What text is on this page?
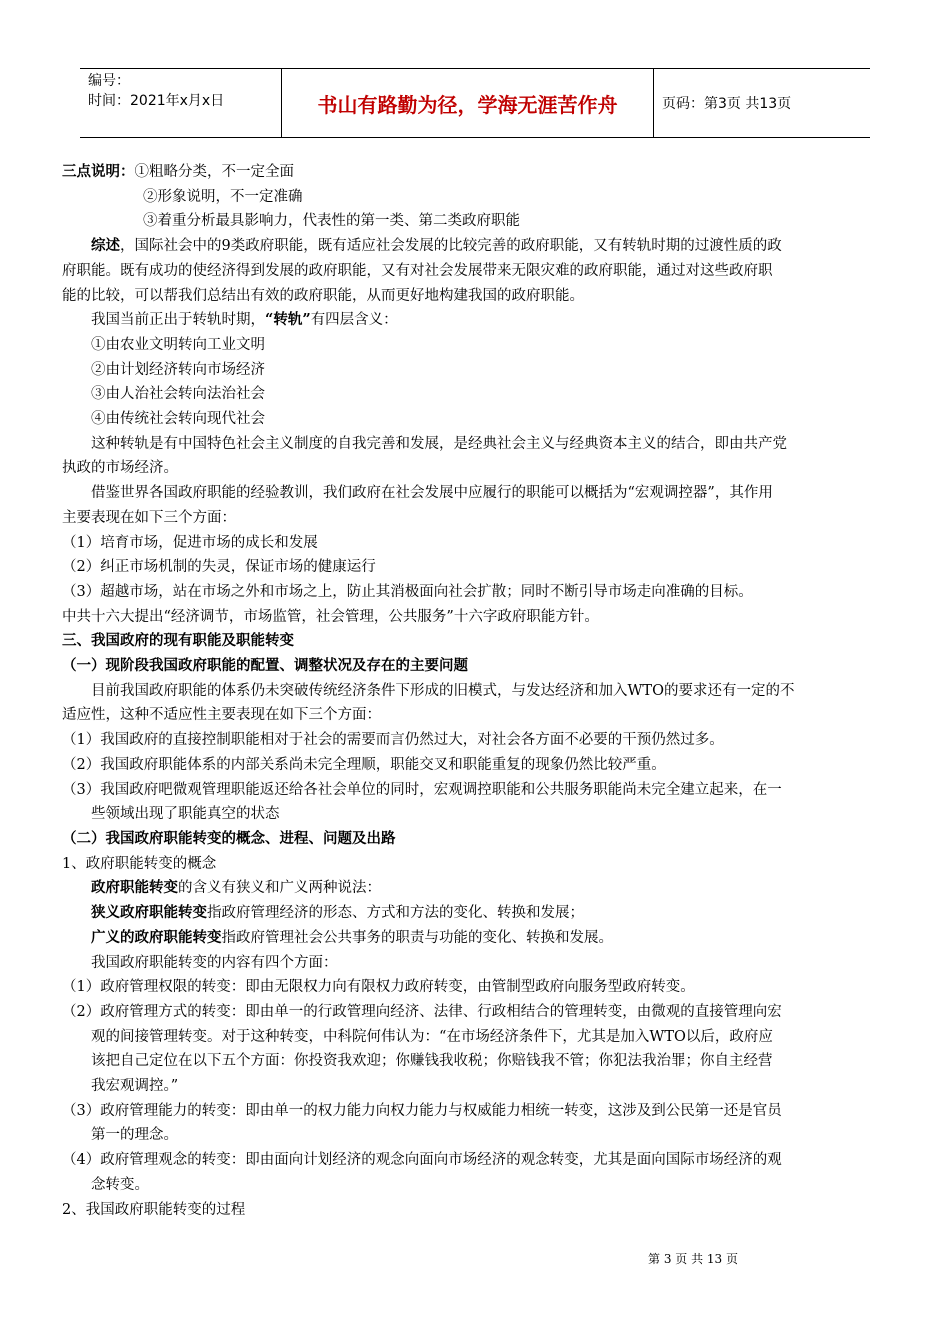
编号：
时间：2021年x月x日	书山有路勤为径，学海无涯苦作舟	页码：第3页 共13页
三点说明：①粗略分类，不一定全面
②形象说明，不一定准确
③着重分析最具影响力，代表性的第一类、第二类政府职能
综述，国际社会中的9类政府职能，既有适应社会发展的比较完善的政府职能，又有转轨时期的过渡性质的政
府职能。既有成功的使经济得到发展的政府职能，又有对社会发展带来无限灾难的政府职能，通过对这些政府职
能的比较，可以帮我们总结出有效的政府职能，从而更好地构建我国的政府职能。
我国当前正出于转轨时期，“转轨”有四层含义：
①由农业文明转向工业文明
②由计划经济转向市场经济
③由人治社会转向法治社会
④由传统社会转向现代社会
这种转轨是有中国特色社会主义制度的自我完善和发展，是经典社会主义与经典资本主义的结合，即由共产党
执政的市场经济。
借鉴世界各国政府职能的经验教训，我们政府在社会发展中应履行的职能可以概括为“宏观调控器”，其作用
主要表现在如下三个方面：
（1）培育市场，促进市场的成长和发展
（2）纠正市场机制的失灵，保证市场的健康运行
（3）超越市场，站在市场之外和市场之上，防止其消极面向社会扩散；同时不断引导市场走向准确的目标。
中共十六大提出“经济调节，市场监管，社会管理，公共服务”十六字政府职能方针。
三、我国政府的现有职能及职能转变
（一）现阶段我国政府职能的配置、调整状况及存在的主要问题
目前我国政府职能的体系仍未突破传统经济条件下形成的旧模式，与发达经济和加入WTO的要求还有一定的不
适应性，这种不适应性主要表现在如下三个方面：
（1）我国政府的直接控制职能相对于社会的需要而言仍然过大，对社会各方面不必要的干预仍然过多。
（2）我国政府职能体系的内部关系尚未完全理顺，职能交叉和职能重复的现象仍然比较严重。
（3）我国政府吧微观管理职能返还给各社会单位的同时，宏观调控职能和公共服务职能尚未完全建立起来，在一
些领域出现了职能真空的状态
（二）我国政府职能转变的概念、进程、问题及出路
1、政府职能转变的概念
政府职能转变的含义有狭义和广义两种说法：
狭义政府职能转变指政府管理经济的形态、方式和方法的变化、转换和发展；
广义的政府职能转变指政府管理社会公共事务的职责与功能的变化、转换和发展。
我国政府职能转变的内容有四个方面：
（1）政府管理权限的转变：即由无限权力向有限权力政府转变，由管制型政府向服务型政府转变。
（2）政府管理方式的转变：即由单一的行政管理向经济、法律、行政相结合的管理转变，由微观的直接管理向宏
观的间接管理转变。对于这种转变，中科院何伟认为：“在市场经济条件下，尤其是加入WTO以后，政府应
该把自己定位在以下五个方面：你投资我欢迎；你赚钱我收税；你赔钱我不管；你犯法我治罪；你自主经营
我宏观调控。”
（3）政府管理能力的转变：即由单一的权力能力向权力能力与权威能力相统一转变，这涉及到公民第一还是官员
第一的理念。
（4）政府管理观念的转变：即由面向计划经济的观念向面向市场经济的观念转变，尤其是面向国际市场经济的观
念转变。
2、我国政府职能转变的过程
第 3 页 共 13 页
